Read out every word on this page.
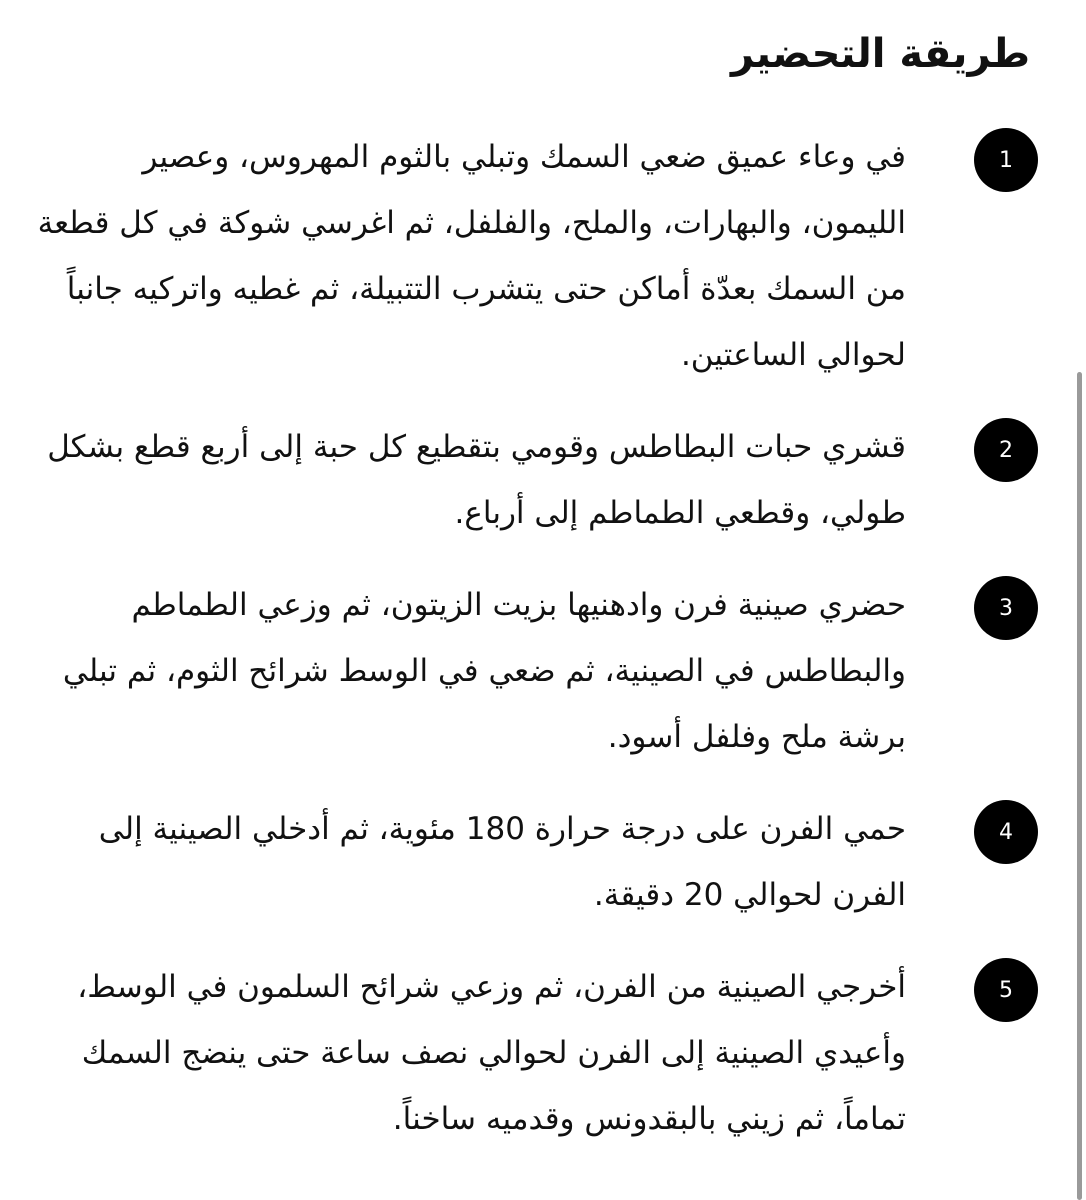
طريقة التحضير
1

في وعاء عميق ضعي السمك وتبلي بالثوم المهروس، وعصير الليمون، والبهارات، والملح، والفلفل، ثم اغرسي شوكة في كل قطعة من السمك بعدّة أماكن حتى يتشرب التتبيلة، ثم غطيه واتركيه جانباً لحوالي الساعتين.

2

قشري حبات البطاطس وقومي بتقطيع كل حبة إلى أربع قطع بشكل طولي، وقطعي الطماطم إلى أرباع.

3

حضري صينية فرن وادهنيها بزيت الزيتون، ثم وزعي الطماطم والبطاطس في الصينية، ثم ضعي في الوسط شرائح الثوم، ثم تبلي برشة ملح وفلفل أسود.

4

حمي الفرن على درجة حرارة 180 مئوية، ثم أدخلي الصينية إلى الفرن لحوالي 20 دقيقة.

5

أخرجي الصينية من الفرن، ثم وزعي شرائح السلمون في الوسط، وأعيدي الصينية إلى الفرن لحوالي نصف ساعة حتى ينضج السمك تماماً، ثم زيني بالبقدونس وقدميه ساخناً.
